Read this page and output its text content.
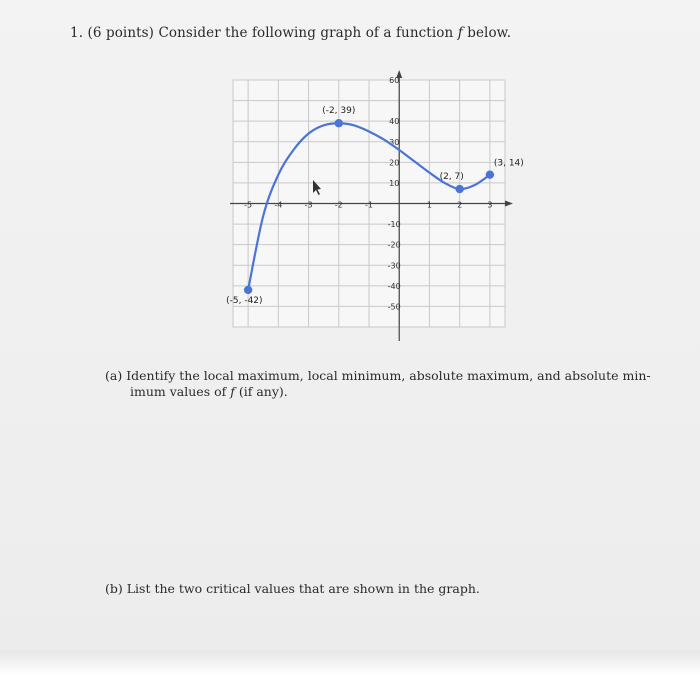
1. (6 points) Consider the following graph of a function f below.
-5	-4	-3	-2	-1	1	2	3
60
40
30
20
10
-10
-20
-30
-40
-50
(-2, 39)
(2, 7)
(3, 14)
(-5, -42)
(a) Identify the local maximum, local minimum, absolute maximum, and absolute min-
imum values of f (if any).
(b) List the two critical values that are shown in the graph.
